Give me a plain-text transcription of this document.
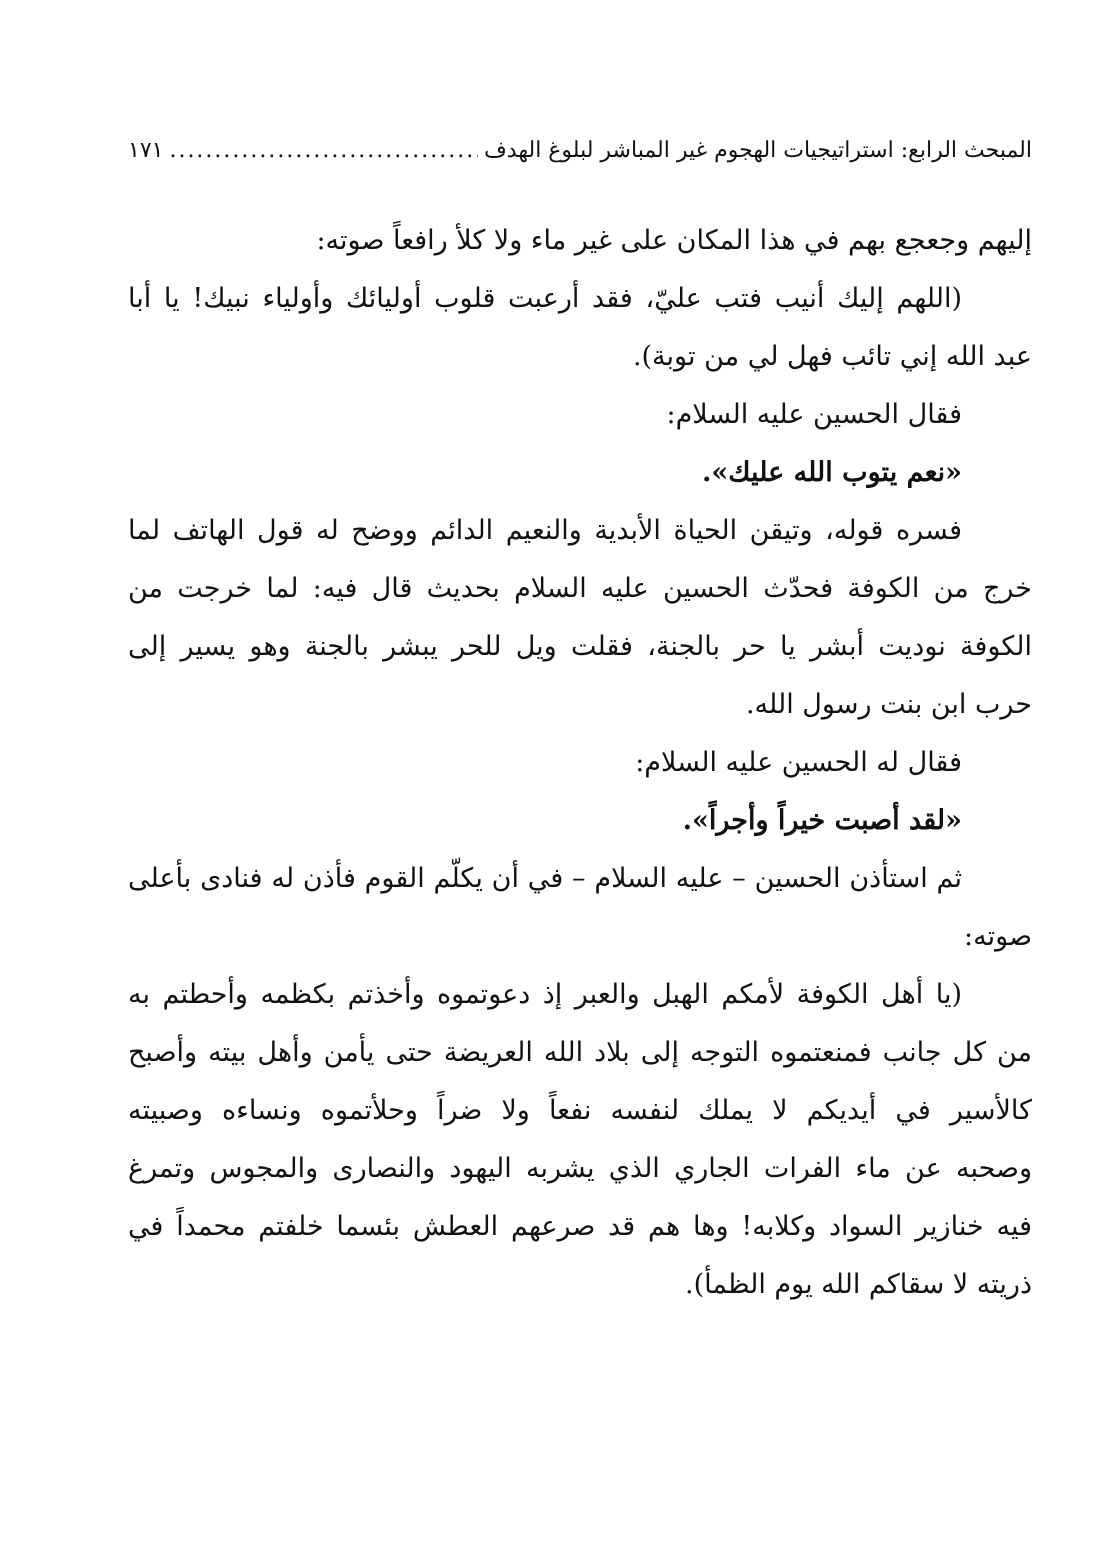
١٧١
.....	المبحث الرابع: استراتيجيات الهجوم غير المباشر لبلوغ الهدف
إليهم وجعجع بهم في هذا المكان على غير ماء ولا كلأ رافعاً صوته:
(اللهم إليك أنيب فتب عليّ، فقد أرعبت قلوب أوليائك وأولياء نبيك! يا أبا
عبد الله إني تائب فهل لي من توبة).
فقال الحسين عليه السلام:
«نعم يتوب الله عليك».
فسره قوله، وتيقن الحياة الأبدية والنعيم الدائم ووضح له قول الهاتف لما
خرج من الكوفة فحدّث الحسين عليه السلام بحديث قال فيه: لما خرجت من
الكوفة نوديت أبشر يا حر بالجنة، فقلت ويل للحر يبشر بالجنة وهو يسير إلى
حرب ابن بنت رسول الله.
فقال له الحسين عليه السلام:
«لقد أصبت خيراً وأجراً».
ثم استأذن الحسين – عليه السلام – في أن يكلّم القوم فأذن له فنادى بأعلى
صوته:
(يا أهل الكوفة لأمكم الهبل والعبر إذ دعوتموه وأخذتم بكظمه وأحطتم به
من كل جانب فمنعتموه التوجه إلى بلاد الله العريضة حتى يأمن وأهل بيته وأصبح
كالأسير في أيديكم لا يملك لنفسه نفعاً ولا ضراً وحلأتموه ونساءه وصبيته
وصحبه عن ماء الفرات الجاري الذي يشربه اليهود والنصارى والمجوس وتمرغ
فيه خنازير السواد وكلابه! وها هم قد صرعهم العطش بئسما خلفتم محمداً في
ذريته لا سقاكم الله يوم الظمأ).
